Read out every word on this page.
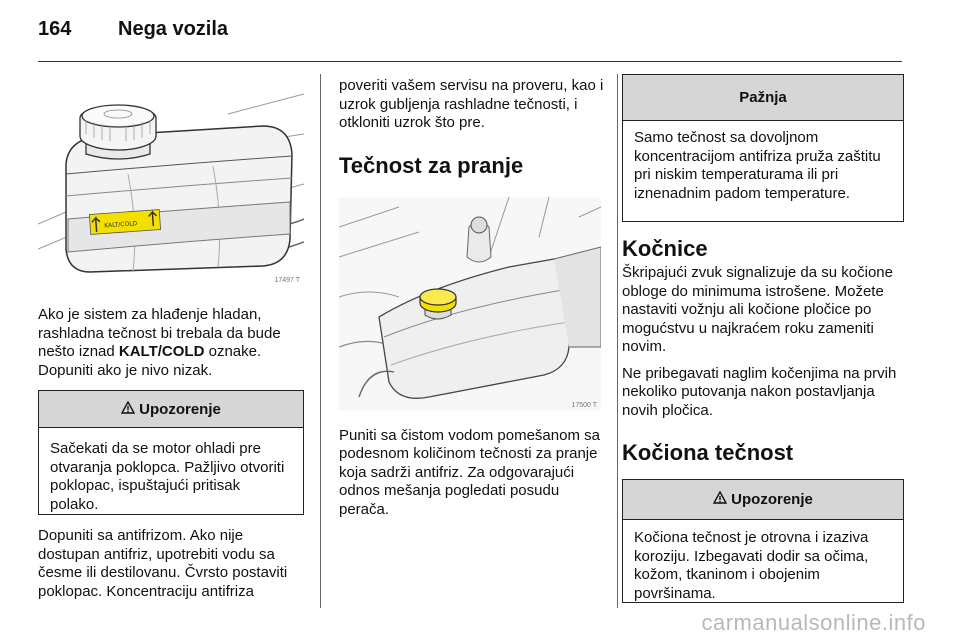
164	Nega vozila
KALT/COLD
17497 T

Ako je sistem za hlađenje hladan, rashladna tečnost bi trebala da bude nešto iznad KALT/COLD oznake. Dopuniti ako je nivo nizak.

Upozorenje
Sačekati da se motor ohladi pre otvaranja poklopca. Pažljivo otvoriti poklopac, ispuštajući pritisak polako.

Dopuniti sa antifrizom. Ako nije dostupan antifriz, upotrebiti vodu sa česme ili destilovanu. Čvrsto postaviti poklopac. Koncentraciju antifriza

poveriti vašem servisu na proveru, kao i uzrok gubljenja rashladne tečnosti, i otkloniti uzrok što pre.

Tečnost za pranje
17500 T

Puniti sa čistom vodom pomešanom sa podesnom količinom tečnosti za pranje koja sadrži antifriz. Za odgovarajući odnos mešanja pogledati posudu perača.

Pažnja
Samo tečnost sa dovoljnom koncentracijom antifriza pruža zaštitu pri niskim temperaturama ili pri iznenadnim padom temperature.
Kočnice

Škripajući zvuk signalizuje da su kočione obloge do minimuma istrošene. Možete nastaviti vožnju ali kočione pločice po mogućstvu u najkraćem roku zameniti novim.

Ne pribegavati naglim kočenjima na prvih nekoliko putovanja nakon postavljanja novih pločica.

Kočiona tečnost
Upozorenje
Kočiona tečnost je otrovna i izaziva koroziju. Izbegavati dodir sa očima, kožom, tkaninom i obojenim površinama.
carmanualsonline.info
